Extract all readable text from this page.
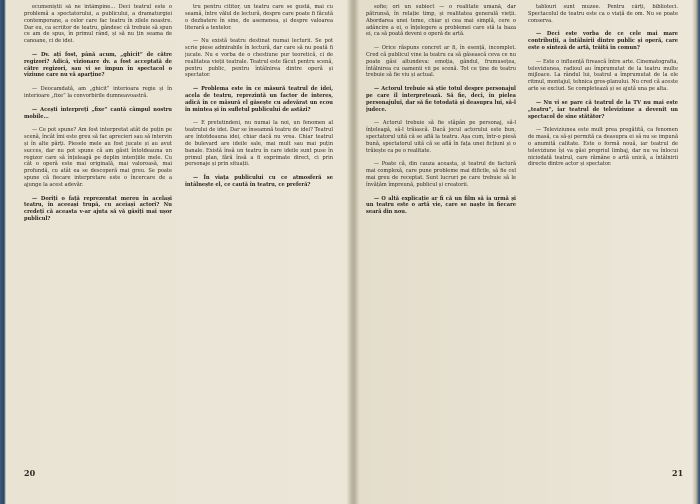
ecumeniștii să ne întâmpine... Deci teatrul este o problemă a spectatorului, a publicului, a dramaturgiei contemporane, a celor care fac teatru în zilele noastre. Dar eu, ca scriitor de teatru, gândesc că trebuie să spun ce am de spus, în primul rând, și să nu țin seama de canoane, ci de idei.

— Dv. ați fost, până acum, „ghicit” de către regizori? Adică, vizionare dv. a fost acceptată de către regizori, sau vi se impun în spectacol o viziune care nu vă aparține?

— Deocamdată, am „ghicit” interioara regie și în interioare „fixe” la convorbirile dumneavoastră.

— Acești interpreți „fixe” cantă câmpul nostru mobile...

— Ce pot spune? Am fost interpretat atât de puțin pe scenă, încât îmi este greu să fac aprecieri sau să intervin și în alte părți. Piesele mele au fost jucate și au avut succes, dar nu pot spune că am găsit întotdeauna un regizor care să înțeleagă pe deplin intențiile mele. Cu cât o operă este mai originală, mai valoroasă, mai profundă, cu atât ea se descoperă mai greu. Se poate spune că fiecare interpretare este o încercare de a ajunge la acest adevăr.

— Doriți o față reprezentat mereu în același teatru, în aceeași trupă, cu aceiași actori? Nu credeți că aceasta v-ar ajuta să vă găsiți mai ușor publicul?

tru pentru cititor, un teatru care se gustă, mai cu seamă, între vălul de lectură, despre care poate fi făcută o dezbatere în sine, de asemenea, și despre valoarea literară a textelor.

— Nu există teatru destinat numai lecturii. Se pot scrie piese admirabile în lectură, dar care să nu poată fi jucate. Nu e vorba de o chestiune pur teoretică, ci de realitatea vieții teatrale. Teatrul este făcut pentru scenă, pentru public, pentru întâlnirea dintre operă și spectator.

— Problema este în ce măsură teatrul de idei, acela de teatru, reprezintă un factor de interes, adică în ce măsură el găsește cu adevărat un ecou în mintea și în sufletul publicului de astăzi?

— E pretutindeni, nu numai la noi, un fenomen al teatrului de idei. Dar se înseamnă teatru de idei? Teatrul are întotdeauna idei, chiar dacă nu vrea. Chiar teatrul de bulevard are ideile sale, mai mult sau mai puțin banale. Există însă un teatru în care ideile sunt puse în primul plan, fără însă a fi exprimate direct, ci prin personaje și prin situații.

— În viața publicului cu ce atmosferă se întâlnește el, ce caută în teatru, ce preferă?

20

sofie; ori un subiect — o realitate umană, dar pătrunsă, în relație timp, și realitatea generală vieții. Abordarea unei teme, chiar și cea mai simplă, cere o adâncire a ei, o înțelegere a problemei care stă la baza ei, ca să poată deveni o operă de artă.

— Orice răspuns concret ar fi, în esență, incomplet. Cred că publicul vine la teatru ca să găsească ceva ce nu poate găsi altundeva: emoția, gândul, frumusețea, întâlnirea cu oamenii vii pe scenă. Tot ce ține de teatru trebuie să fie viu și actual.

— Actorul trebuie să știe totul despre personajul pe care îl interpretează. Să fie, deci, în pielea personajului, dar să fie totodată și deasupra lui, să-l judece.

— Actorul trebuie să fie stăpân pe personaj, să-l înțeleagă, să-l trăiască. Dacă jocul actorului este bun, spectatorul uită că se află la teatru. Așa cum, într-o piesă bună, spectatorul uită că se află în fața unei ficțiuni și o trăiește ca pe o realitate.

— Poate că, din cauza aceasta, și teatrul de factură mai complexă, care pune probleme mai dificile, să fie cel mai greu de receptat. Sunt lucruri pe care trebuie să le învățăm împreună, publicul și creatorii.

— O altă explicație ar fi că un film să ia urmă și un teatru este o artă vie, care se naște în fiecare seară din nou.

tablouri sunt muzee. Pentru cărți, biblioteci. Spectacolul de teatru este ca o viață de om. Nu se poate conserva.

— Deci este vorba de ce cele mai mare contribuții, a întâlnirii dintre public și operă, care este o sinteză de artă, trăită în comun?

— Este o influență firească între arte. Cinematografia, televiziunea, radioul au împrumutat de la teatru multe mijloace. La rândul lui, teatrul a împrumutat de la ele ritmul, montajul, tehnica gros-planului. Nu cred că aceste arte se exclud. Se completează și se ajută una pe alta.

— Nu vi se pare că teatrul de la TV nu mai este „teatru”, iar teatrul de televiziune a devenit un spectacol de sine stătător?

— Televiziunea este mult prea pregătită, ca fenomen de masă, ca să-și permită ca deasupra ei să nu se impună o anumită calitate. Este o formă nouă, iar teatrul de televiziune își va găsi propriul limbaj, dar nu va înlocui niciodată teatrul, care rămâne o artă unică, a întâlnirii directe dintre actor și spectator.

21
